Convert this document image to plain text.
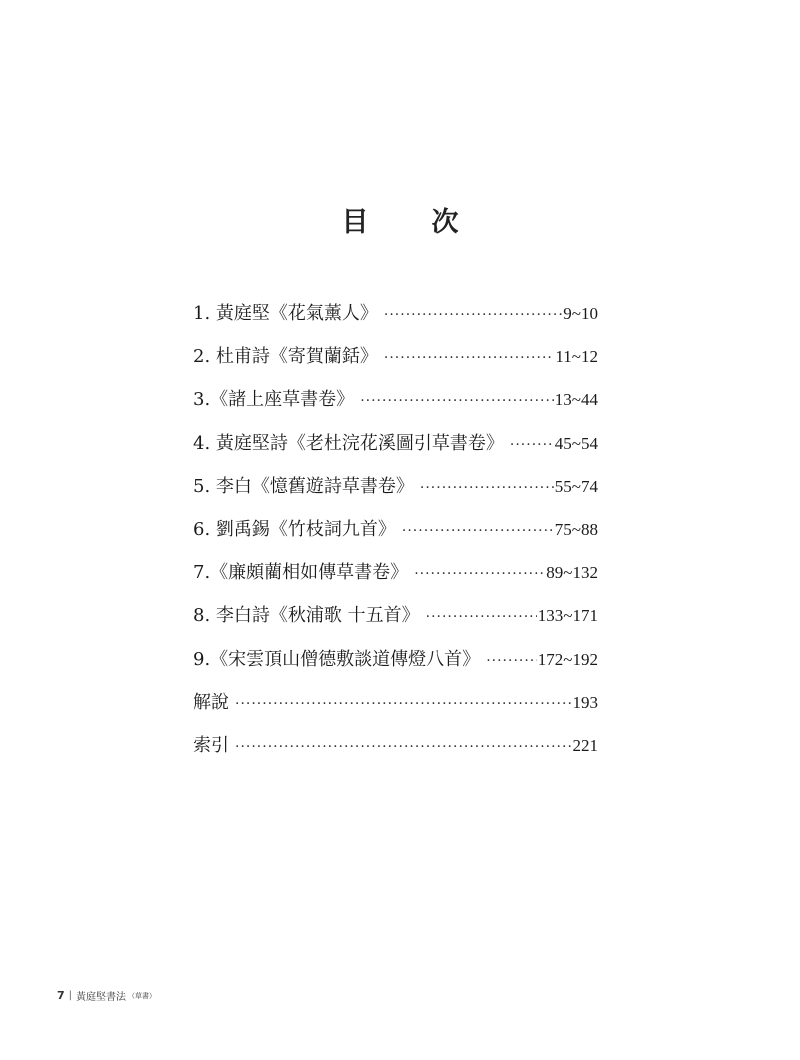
目　次
1. 黃庭堅《花氣薰人》 ·····	9~10
2. 杜甫詩《寄賀蘭銛》 ·····	11~12
3.《諸上座草書卷》 ·····	13~44
4. 黃庭堅詩《老杜浣花溪圖引草書卷》 ·····	45~54
5. 李白《憶舊遊詩草書卷》 ·····	55~74
6. 劉禹錫《竹枝詞九首》 ·····	75~88
7.《廉頗藺相如傳草書卷》 ·····	89~132
8. 李白詩《秋浦歌 十五首》 ·····	133~171
9.《宋雲頂山僧德敷談道傳燈八首》 ·····	172~192
解說 ·····	193
索引 ·····	221
7 | 黃庭堅書法 （草書）
